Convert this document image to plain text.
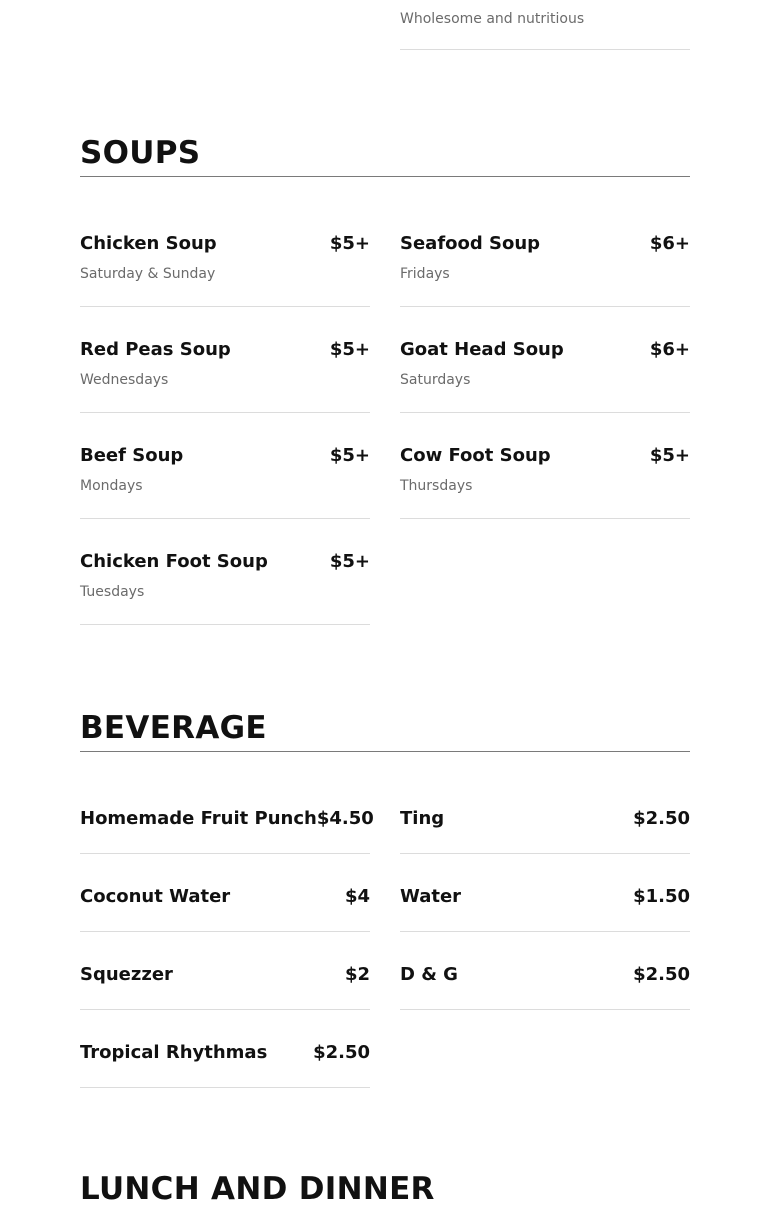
Wholesome and nutritious
SOUPS
Chicken Soup	$5+
Saturday & Sunday
Red Peas Soup	$5+
Wednesdays
Beef Soup	$5+
Mondays
Chicken Foot Soup	$5+
Tuesdays
Seafood Soup	$6+
Fridays
Goat Head Soup	$6+
Saturdays
Cow Foot Soup	$5+
Thursdays
BEVERAGE
Homemade Fruit Punch $4.50
Coconut Water	$4
Squezzer	$2
Tropical Rhythmas	$2.50
Ting	$2.50
Water	$1.50
D & G	$2.50
LUNCH AND DINNER
